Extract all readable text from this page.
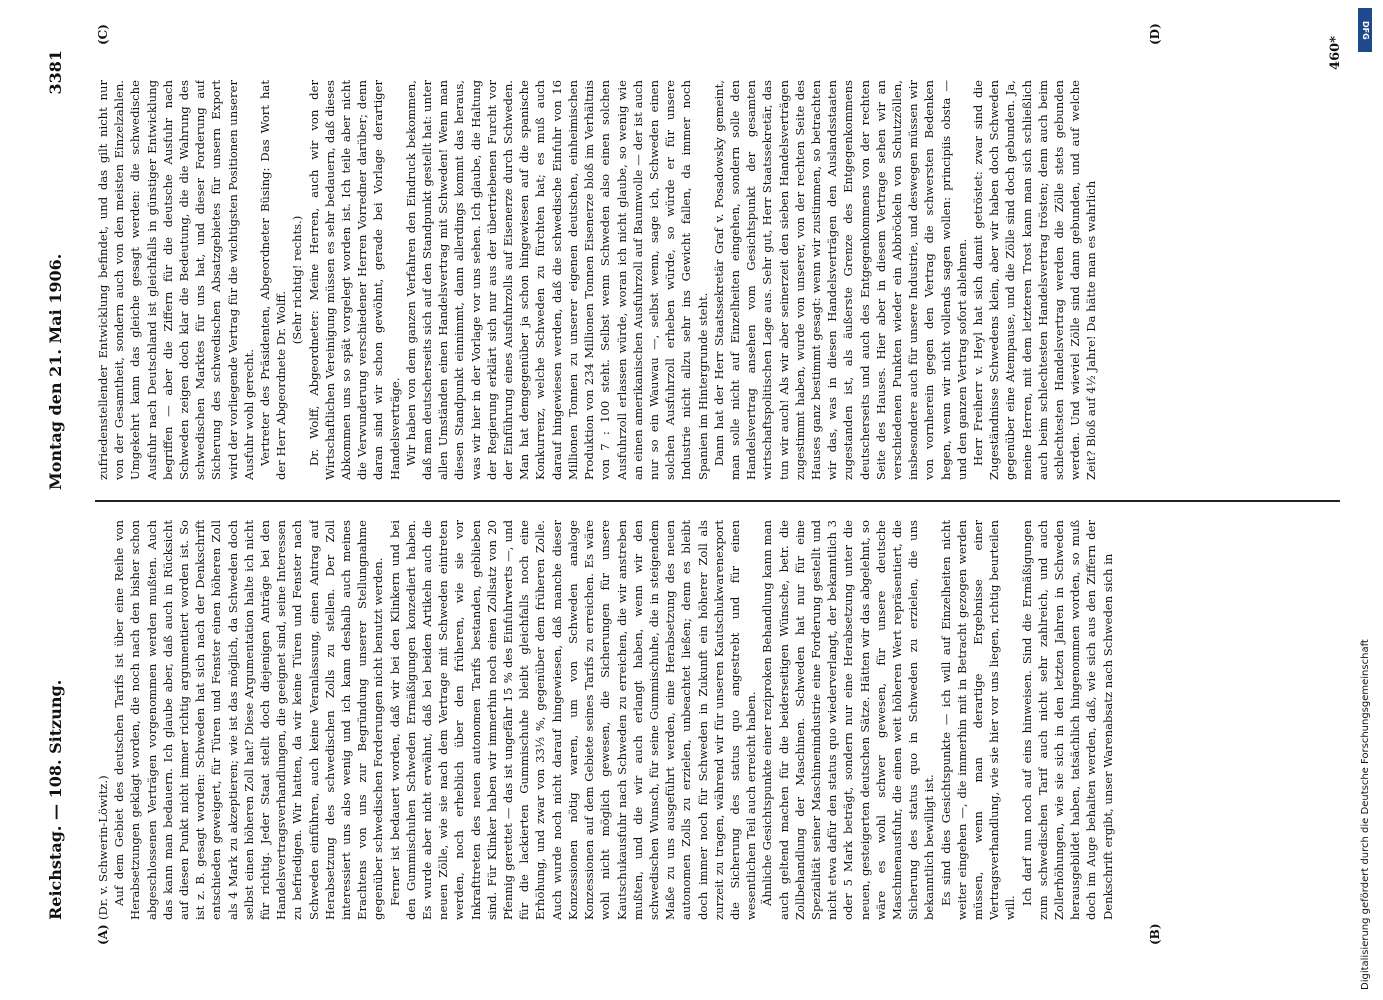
Reichstag. — 108. Sitzung.
Montag den 21. Mai 1906.
3381
(A)	(B)
(C)	(D)

(Dr. v. Schwerin-Löwitz.) Auf dem Gebiet des deutschen Tarifs ist über eine Reihe von Herabsetzungen geklagt worden, die noch nach den bisher schon abgeschlossenen Verträgen vorgenommen werden mußten. Auch das kann man bedauern. Ich glaube aber, daß auch in Rücksicht auf diesen Punkt nicht immer richtig argumentiert worden ist. So ist z. B. gesagt worden: Schweden hat sich nach der Denkschrift entschieden geweigert, für Türen und Fenster einen höheren Zoll als 4 Mark zu akzeptieren; wie ist das möglich, da Schweden doch selbst einen höheren Zoll hat? Diese Argumentation halte ich nicht für richtig. Jeder Staat stellt doch diejenigen Anträge bei den Handelsvertragsverhandlungen, die geeignet sind, seine Interessen zu befriedigen. Wir hatten, da wir keine Türen und Fenster nach Schweden einführen, auch keine Veranlassung, einen Antrag auf Herabsetzung des schwedischen Zolls zu stellen. Der Zoll interessiert uns also wenig und ich kann deshalb auch meines Erachtens von uns zur Begründung unserer Stellungnahme gegenüber schwedischen Forderungen nicht benutzt werden. Ferner ist bedauert worden, daß wir bei den Klinkern und bei den Gummischuhen Schweden Ermäßigungen konzediert haben. Es wurde aber nicht erwähnt, daß bei beiden Artikeln auch die neuen Zölle, wie sie nach dem Vertrage mit Schweden eintreten werden, noch erheblich über den früheren, wie sie vor Inkrafttreten des neuen autonomen Tarifs bestanden, geblieben sind. Für Klinker haben wir immerhin noch einen Zollsatz von 20 Pfennig gerettet — das ist ungefähr 15 % des Einfuhrwerts —, und für die lackierten Gummischuhe bleibt gleichfalls noch eine Erhöhung, und zwar von 33⅓ %, gegenüber dem früheren Zolle. Auch wurde noch nicht darauf hingewiesen, daß manche dieser Konzessionen nötig waren, um von Schweden analoge Konzessionen auf dem Gebiete seines Tarifs zu erreichen. Es wäre wohl nicht möglich gewesen, die Sicherungen für unsere Kautschukausfuhr nach Schweden zu erreichen, die wir anstreben mußten, und die wir auch erlangt haben, wenn wir den schwedischen Wunsch, für seine Gummischuhe, die in steigendem Maße zu uns ausgeführt werden, eine Herabsetzung des neuen autonomen Zolls zu erzielen, unbeachtet ließen; denn es bleibt doch immer noch für Schweden in Zukunft ein höherer Zoll als zurzeit zu tragen, während wir für unseren Kautschukwarenexport die Sicherung des status quo angestrebt und für einen wesentlichen Teil auch erreicht haben. Ähnliche Gesichtspunkte einer reziproken Behandlung kann man auch geltend machen für die beiderseitigen Wünsche, betr. die Zollbehandlung der Maschinen. Schweden hat nur für eine Spezialität seiner Maschinenindustrie eine Forderung gestellt und nicht etwa dafür den status quo wiederverlangt, der bekanntlich 3 oder 5 Mark beträgt, sondern nur eine Herabsetzung unter die neuen, gesteigerten deutschen Sätze. Hätten wir das abgelehnt, so wäre es wohl schwer gewesen, für unsere deutsche Maschinenausfuhr, die einen weit höheren Wert repräsentiert, die Sicherung des status quo in Schweden zu erzielen, die uns bekanntlich bewilligt ist. Es sind dies Gesichtspunkte — ich will auf Einzelheiten nicht weiter eingehen —, die immerhin mit in Betracht gezogen werden müssen, wenn man derartige Ergebnisse einer Vertragsverhandlung, wie sie hier vor uns liegen, richtig beurteilen will.

Ich darf nun noch auf eins hinweisen. Sind die Ermäßigungen zum schwedischen Tarif auch nicht sehr zahlreich, und auch Zollerhöhungen, wie sie sich in den letzten Jahren in Schweden herausgebildet haben, tatsächlich hingenommen worden, so muß doch im Auge behalten werden, daß, wie sich aus den Ziffern der Denkschrift ergibt, unser Warenabsatz nach Schweden sich in

zufriedenstellender Entwicklung befindet, und das gilt nicht nur von der Gesamtheit, sondern auch von den meisten Einzelzahlen. Umgekehrt kann das gleiche gesagt werden: die schwedische Ausfuhr nach Deutschland ist gleichfalls in günstiger Entwicklung begriffen — aber die Ziffern für die deutsche Ausfuhr nach Schweden zeigen doch klar die Bedeutung, die die Wahrung des schwedischen Marktes für uns hat, und dieser Forderung auf Sicherung des schwedischen Absatzgebietes für unsern Export wird der vorliegende Vertrag für die wichtigsten Positionen unserer Ausfuhr wohl gerecht. Vertreter des Präsidenten, Abgeordneter Büsing: Das Wort hat der Herr Abgeordnete Dr. Wolff.

(Sehr richtig! rechts.) Dr. Wolff, Abgeordneter: Meine Herren, auch wir von der Wirtschaftlichen Vereinigung müssen es sehr bedauern, daß dieses Abkommen uns so spät vorgelegt worden ist. Ich teile aber nicht die Verwunderung verschiedener Herren Vorredner darüber; denn daran sind wir schon gewöhnt, gerade bei Vorlage derartiger Handelsverträge. Wir haben von dem ganzen Verfahren den Eindruck bekommen, daß man deutscherseits sich auf den Standpunkt gestellt hat: unter allen Umständen einen Handelsvertrag mit Schweden! Wenn man diesen Standpunkt einnimmt, dann allerdings kommt das heraus, was wir hier in der Vorlage vor uns sehen. Ich glaube, die Haltung der Regierung erklärt sich nur aus der übertriebenen Furcht vor der Einführung eines Ausfuhrzolls auf Eisenerze durch Schweden. Man hat demgegenüber ja schon hingewiesen auf die spanische Konkurrenz, welche Schweden zu fürchten hat; es muß auch darauf hingewiesen werden, daß die schwedische Einfuhr von 16 Millionen Tonnen zu unserer eigenen deutschen, einheimischen Produktion von 234 Millionen Tonnen Eisenerze bloß im Verhältnis von 7 : 100 steht. Selbst wenn Schweden also einen solchen Ausfuhrzoll erlassen würde, woran ich nicht glaube, so wenig wie an einen amerikanischen Ausfuhrzoll auf Baumwolle — der ist auch nur so ein Wauwau —, selbst wenn, sage ich, Schweden einen solchen Ausfuhrzoll erheben würde, so würde er für unsere Industrie nicht allzu sehr ins Gewicht fallen, da immer noch Spanien im Hintergrunde steht. Dann hat der Herr Staatssekretär Graf v. Posadowsky gemeint, man solle nicht auf Einzelheiten eingehen, sondern solle den Handelsvertrag ansehen vom Gesichtspunkt der gesamten wirtschaftspolitischen Lage aus. Sehr gut, Herr Staatssekretär, das tun wir auch! Als wir aber seinerzeit den sieben Handelsverträgen zugestimmt haben, wurde von unserer, von der rechten Seite des Hauses ganz bestimmt gesagt: wenn wir zustimmen, so betrachten wir das, was in diesen Handelsverträgen den Auslandsstaaten zugestanden ist, als äußerste Grenze des Entgegenkommens deutscherseits und auch des Entgegenkommens von der rechten Seite des Hauses. Hier aber in diesem Vertrage sehen wir an verschiedenen Punkten wieder ein Abbröckeln von Schutzzöllen, insbesondere auch für unsere Industrie, und deswegen müssen wir von vornherein gegen den Vertrag die schwersten Bedenken hegen, wenn wir nicht vollends sagen wollen: principiis obsta — und den ganzen Vertrag sofort ablehnen. Herr Freiherr v. Heyl hat sich damit getröstet: zwar sind die Zugeständnisse Schwedens klein, aber wir haben doch Schweden gegenüber eine Atempause, und die Zölle sind doch gebunden. Ja, meine Herren, mit dem letzteren Trost kann man sich schließlich auch beim schlechtesten Handelsvertrag trösten; denn auch beim schlechtesten Handelsvertrag werden die Zölle stets gebunden werden. Und wieviel Zölle sind dann gebunden, und auf welche Zeit? Bloß auf 4½ Jahre! Da hätte man es wahrlich

460*
Digitalisierung gefördert durch die Deutsche Forschungsgemeinschaft
DFG
